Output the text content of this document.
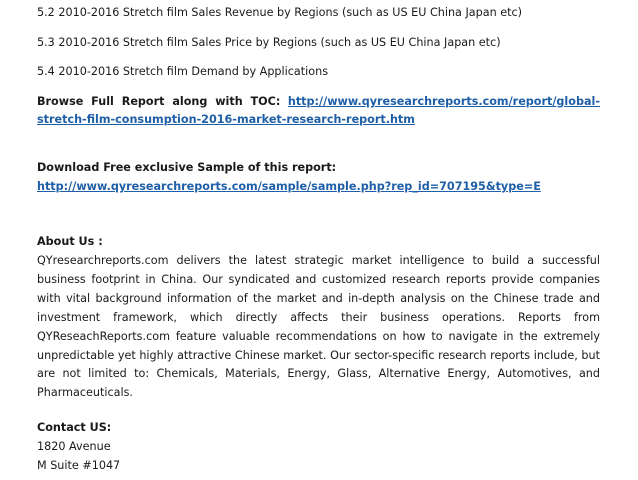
5.2 2010-2016 Stretch film Sales Revenue by Regions (such as US EU China Japan etc)
5.3 2010-2016 Stretch film Sales Price by Regions (such as US EU China Japan etc)
5.4 2010-2016 Stretch film Demand by Applications
Browse Full Report along with TOC: http://www.qyresearchreports.com/report/global-
stretch-film-consumption-2016-market-research-report.htm
Download Free exclusive Sample of this report:
http://www.qyresearchreports.com/sample/sample.php?rep_id=707195&type=E
About Us :
QYresearchreports.com delivers the latest strategic market intelligence to build a successful
business footprint in China. Our syndicated and customized research reports provide companies
with vital background information of the market and in-depth analysis on the Chinese trade and
investment framework, which directly affects their business operations. Reports from
QYReseachReports.com feature valuable recommendations on how to navigate in the extremely
unpredictable yet highly attractive Chinese market. Our sector-specific research reports include, but
are not limited to: Chemicals, Materials, Energy, Glass, Alternative Energy, Automotives, and
Pharmaceuticals.
Contact US:
1820 Avenue
M Suite #1047
